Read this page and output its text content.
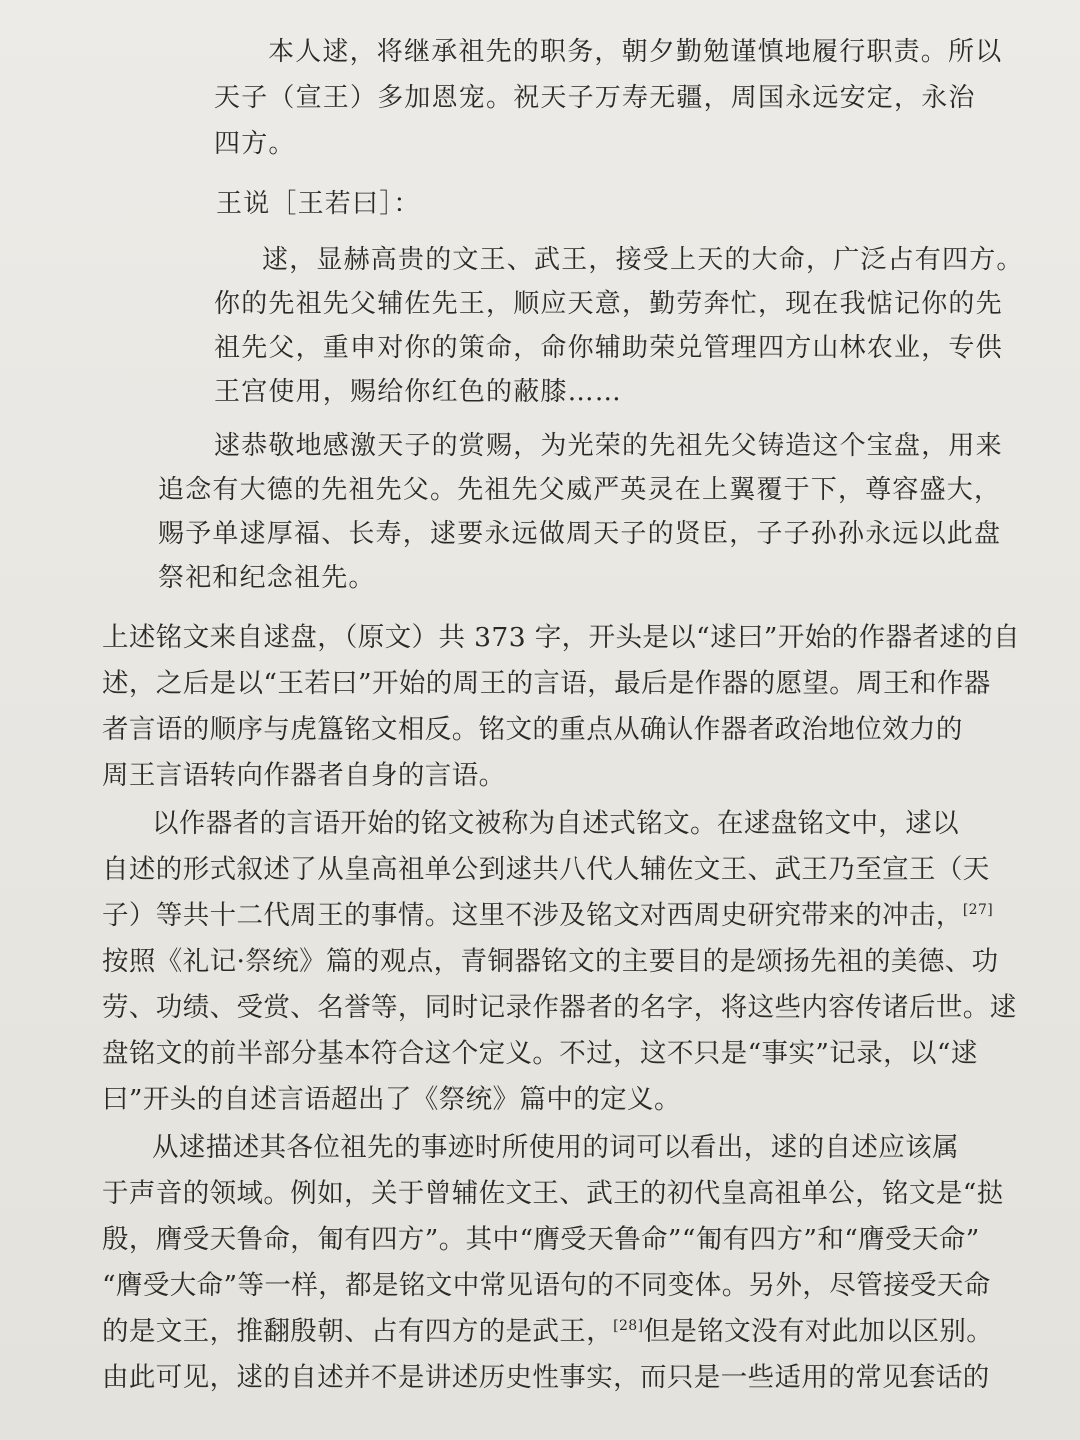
本人逑，将继承祖先的职务，朝夕勤勉谨慎地履行职责。所以
天子（宣王）多加恩宠。祝天子万寿无疆，周国永远安定，永治
四方。
王说［王若曰］：
逑，显赫高贵的文王、武王，接受上天的大命，广泛占有四方。
你的先祖先父辅佐先王，顺应天意，勤劳奔忙，现在我惦记你的先
祖先父，重申对你的策命，命你辅助荣兑管理四方山林农业，专供
王宫使用，赐给你红色的蔽膝……
逑恭敬地感激天子的赏赐，为光荣的先祖先父铸造这个宝盘，用来
追念有大德的先祖先父。先祖先父威严英灵在上翼覆于下，尊容盛大，
赐予单逑厚福、长寿，逑要永远做周天子的贤臣，子子孙孙永远以此盘
祭祀和纪念祖先。
上述铭文来自逑盘，（原文）共 373 字，开头是以“逑曰”开始的作器者逑的自
述，之后是以“王若曰”开始的周王的言语，最后是作器的愿望。周王和作器
者言语的顺序与虎簋铭文相反。铭文的重点从确认作器者政治地位效力的
周王言语转向作器者自身的言语。
以作器者的言语开始的铭文被称为自述式铭文。在逑盘铭文中，逑以
自述的形式叙述了从皇高祖单公到逑共八代人辅佐文王、武王乃至宣王（天
子）等共十二代周王的事情。这里不涉及铭文对西周史研究带来的冲击，[27]
按照《礼记·祭统》篇的观点，青铜器铭文的主要目的是颂扬先祖的美德、功
劳、功绩、受赏、名誉等，同时记录作器者的名字，将这些内容传诸后世。逑
盘铭文的前半部分基本符合这个定义。不过，这不只是“事实”记录，以“逑
曰”开头的自述言语超出了《祭统》篇中的定义。
从逑描述其各位祖先的事迹时所使用的词可以看出，逑的自述应该属
于声音的领域。例如，关于曾辅佐文王、武王的初代皇高祖单公，铭文是“挞
殷，膺受天鲁命，匍有四方”。其中“膺受天鲁命”“匍有四方”和“膺受天命”
“膺受大命”等一样，都是铭文中常见语句的不同变体。另外，尽管接受天命
的是文王，推翻殷朝、占有四方的是武王，[28]但是铭文没有对此加以区别。
由此可见，逑的自述并不是讲述历史性事实，而只是一些适用的常见套话的
